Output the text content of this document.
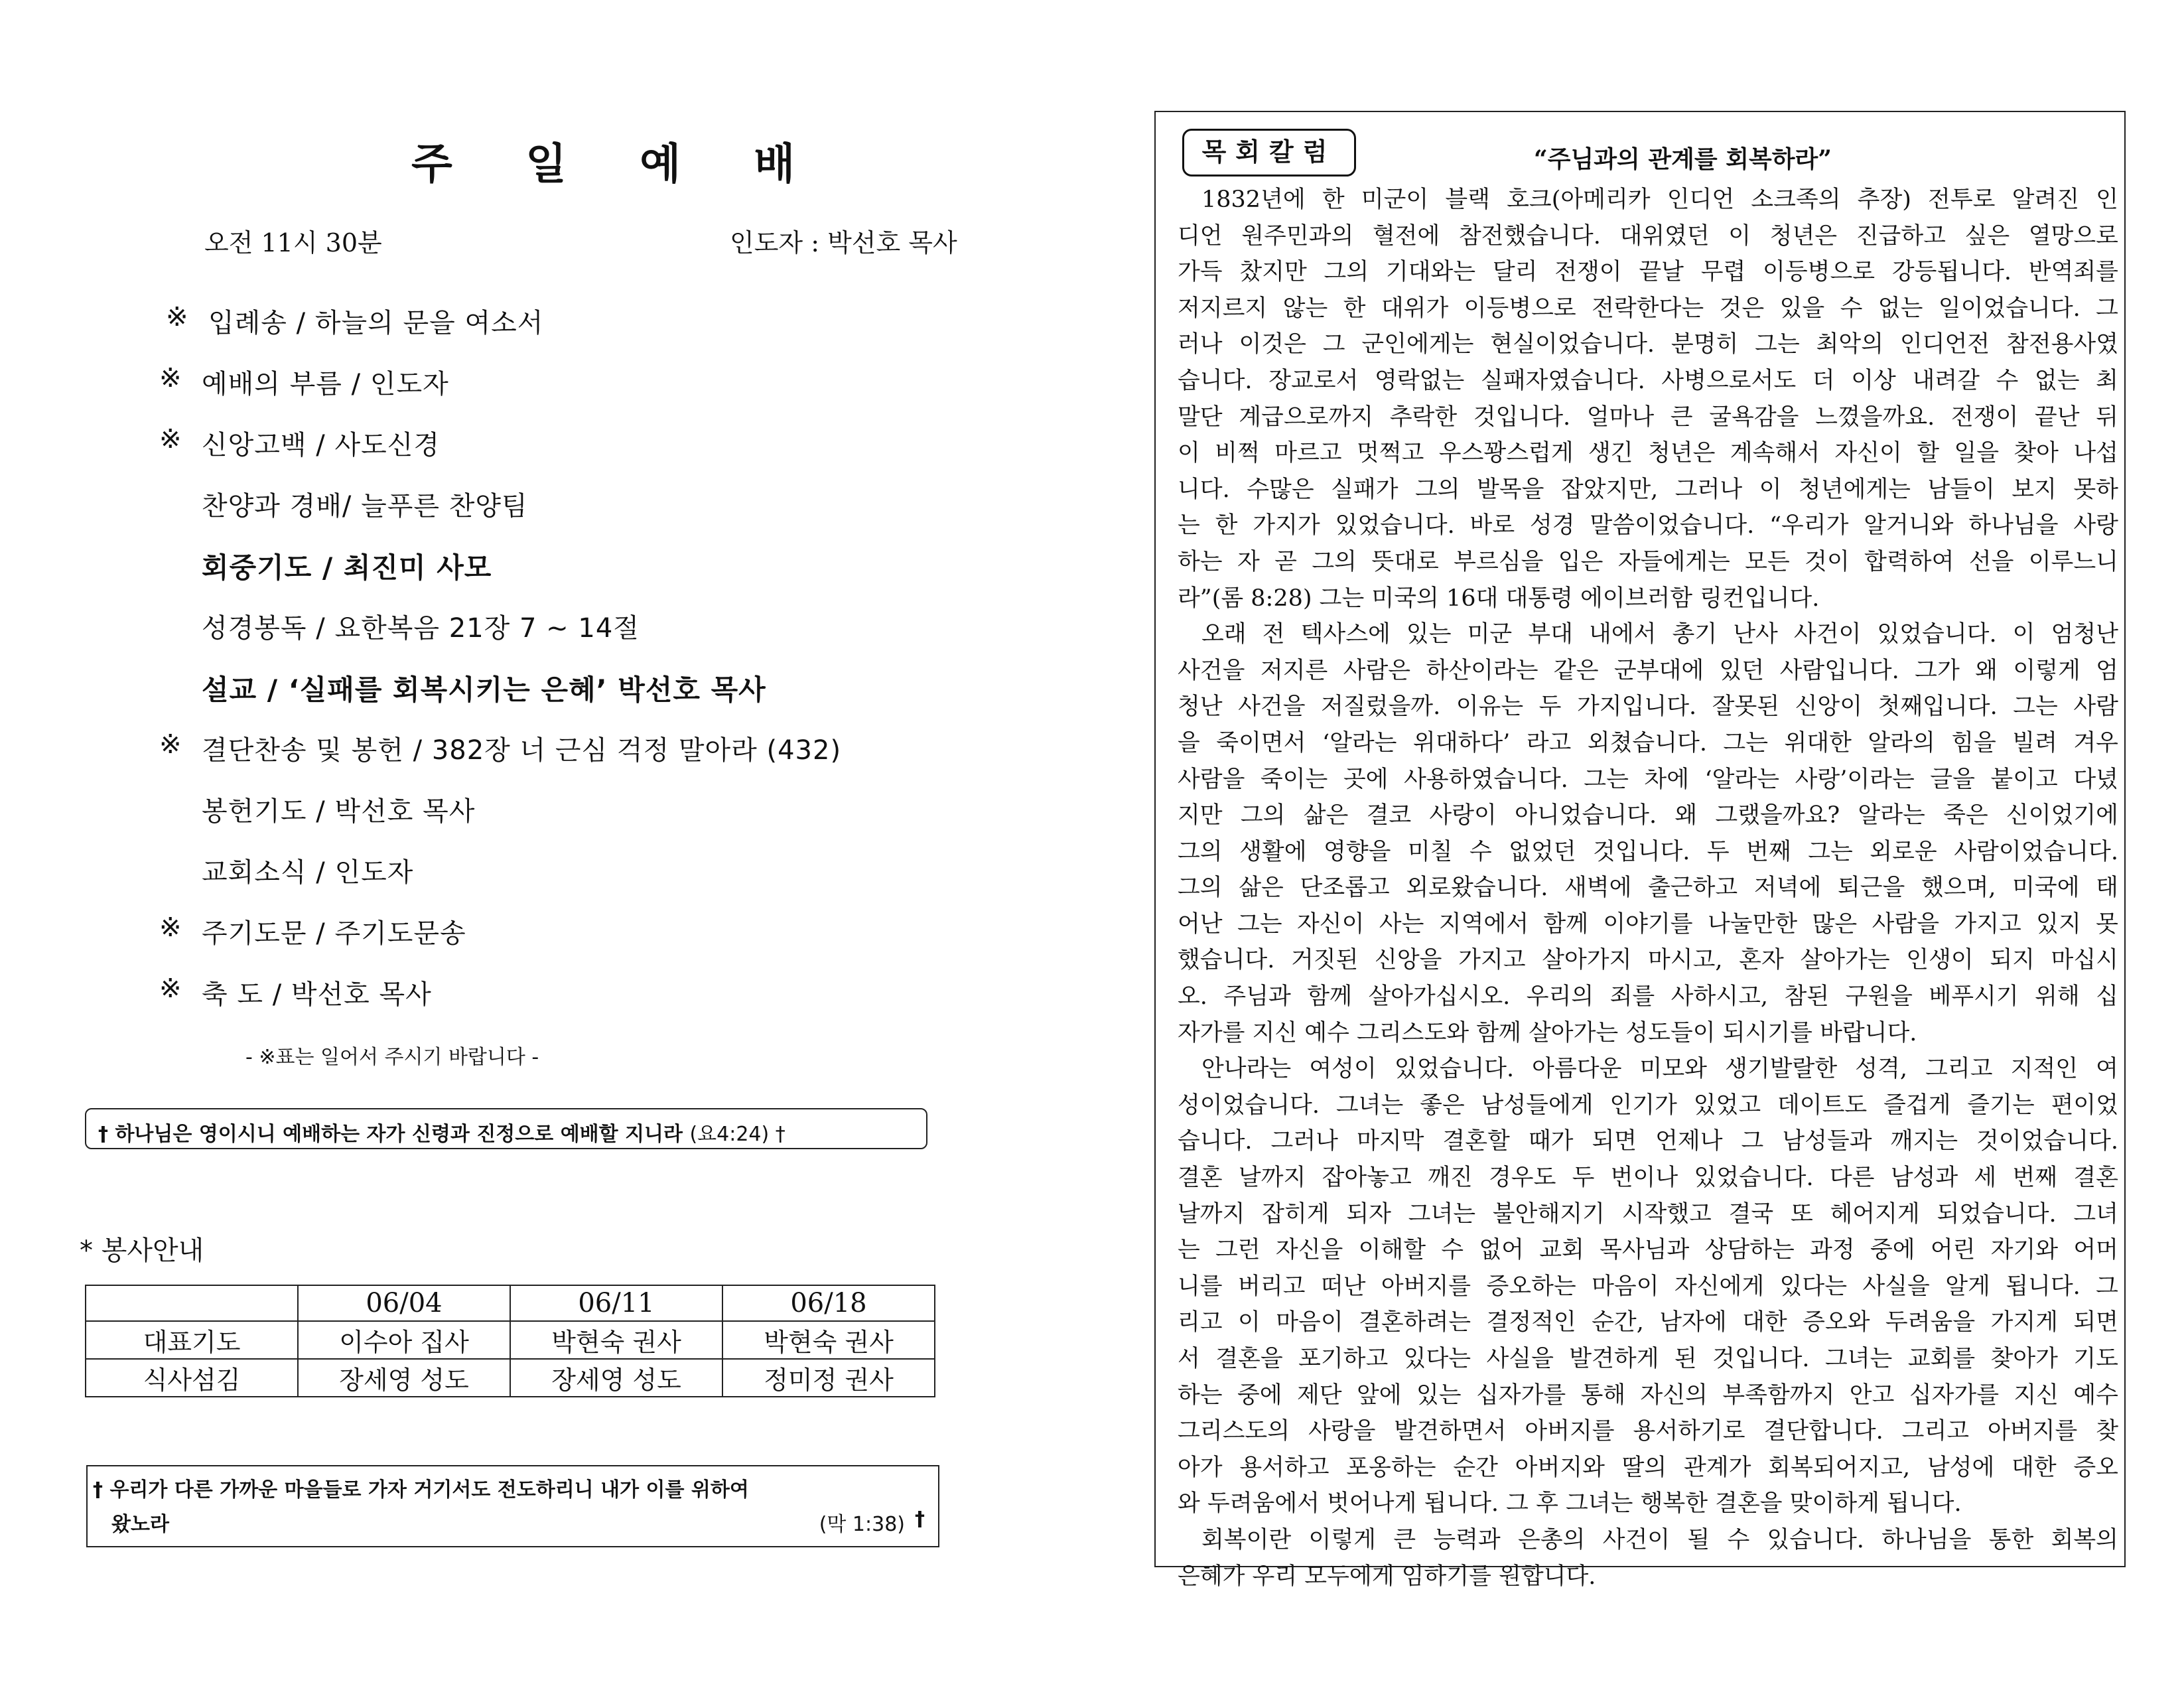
주 일 예 배
오전 11시 30분	인도자 : 박선호 목사
※ 입례송 / 하늘의 문을 여소서
※ 예배의 부름 / 인도자
※ 신앙고백 / 사도신경
찬양과 경배/ 늘푸른 찬양팀
회중기도 / 최진미 사모
성경봉독 / 요한복음 21장 7 ~ 14절
설교 / ‘실패를 회복시키는 은혜’ 박선호 목사
※ 결단찬송 및 봉헌 / 382장 너 근심 걱정 말아라 (432)
봉헌기도 / 박선호 목사
교회소식 / 인도자
※ 주기도문 / 주기도문송
※ 축 도 / 박선호 목사
- ※표는 일어서 주시기 바랍니다 -
† 하나님은 영이시니 예배하는 자가 신령과 진정으로 예배할 지니라 (요4:24) †
* 봉사안내
	06/04	06/11	06/18
대표기도	이수아 집사	박현숙 권사	박현숙 권사
식사섬김	장세영 성도	장세영 성도	정미정 권사
† 우리가 다른 가까운 마을들로 가자 거기서도 전도하리니 내가 이를 위하여
왔노라	(막 1:38) †
목회칼럼	“주님과의 관계를 회복하라”
1832년에 한 미군이 블랙 호크(아메리카 인디언 소크족의 추장) 전투로 알려진 인
디언 원주민과의 혈전에 참전했습니다. 대위였던 이 청년은 진급하고 싶은 열망으로
가득 찼지만 그의 기대와는 달리 전쟁이 끝날 무렵 이등병으로 강등됩니다. 반역죄를
저지르지 않는 한 대위가 이등병으로 전락한다는 것은 있을 수 없는 일이었습니다. 그
러나 이것은 그 군인에게는 현실이었습니다. 분명히 그는 최악의 인디언전 참전용사였
습니다. 장교로서 영락없는 실패자였습니다. 사병으로서도 더 이상 내려갈 수 없는 최
말단 계급으로까지 추락한 것입니다. 얼마나 큰 굴욕감을 느꼈을까요. 전쟁이 끝난 뒤
이 비쩍 마르고 멋쩍고 우스꽝스럽게 생긴 청년은 계속해서 자신이 할 일을 찾아 나섭
니다. 수많은 실패가 그의 발목을 잡았지만, 그러나 이 청년에게는 남들이 보지 못하
는 한 가지가 있었습니다. 바로 성경 말씀이었습니다. “우리가 알거니와 하나님을 사랑
하는 자 곧 그의 뜻대로 부르심을 입은 자들에게는 모든 것이 합력하여 선을 이루느니
라”(롬 8:28) 그는 미국의 16대 대통령 에이브러함 링컨입니다.
오래 전 텍사스에 있는 미군 부대 내에서 총기 난사 사건이 있었습니다. 이 엄청난
사건을 저지른 사람은 하산이라는 같은 군부대에 있던 사람입니다. 그가 왜 이렇게 엄
청난 사건을 저질렀을까. 이유는 두 가지입니다. 잘못된 신앙이 첫째입니다. 그는 사람
을 죽이면서 ‘알라는 위대하다’ 라고 외쳤습니다. 그는 위대한 알라의 힘을 빌려 겨우
사람을 죽이는 곳에 사용하였습니다. 그는 차에 ‘알라는 사랑’이라는 글을 붙이고 다녔
지만 그의 삶은 결코 사랑이 아니었습니다. 왜 그랬을까요? 알라는 죽은 신이었기에
그의 생활에 영향을 미칠 수 없었던 것입니다. 두 번째 그는 외로운 사람이었습니다.
그의 삶은 단조롭고 외로왔습니다. 새벽에 출근하고 저녁에 퇴근을 했으며, 미국에 태
어난 그는 자신이 사는 지역에서 함께 이야기를 나눌만한 많은 사람을 가지고 있지 못
했습니다. 거짓된 신앙을 가지고 살아가지 마시고, 혼자 살아가는 인생이 되지 마십시
오. 주님과 함께 살아가십시오. 우리의 죄를 사하시고, 참된 구원을 베푸시기 위해 십
자가를 지신 예수 그리스도와 함께 살아가는 성도들이 되시기를 바랍니다.
안나라는 여성이 있었습니다. 아름다운 미모와 생기발랄한 성격, 그리고 지적인 여
성이었습니다. 그녀는 좋은 남성들에게 인기가 있었고 데이트도 즐겁게 즐기는 편이었
습니다. 그러나 마지막 결혼할 때가 되면 언제나 그 남성들과 깨지는 것이었습니다.
결혼 날까지 잡아놓고 깨진 경우도 두 번이나 있었습니다. 다른 남성과 세 번째 결혼
날까지 잡히게 되자 그녀는 불안해지기 시작했고 결국 또 헤어지게 되었습니다. 그녀
는 그런 자신을 이해할 수 없어 교회 목사님과 상담하는 과정 중에 어린 자기와 어머
니를 버리고 떠난 아버지를 증오하는 마음이 자신에게 있다는 사실을 알게 됩니다. 그
리고 이 마음이 결혼하려는 결정적인 순간, 남자에 대한 증오와 두려움을 가지게 되면
서 결혼을 포기하고 있다는 사실을 발견하게 된 것입니다. 그녀는 교회를 찾아가 기도
하는 중에 제단 앞에 있는 십자가를 통해 자신의 부족함까지 안고 십자가를 지신 예수
그리스도의 사랑을 발견하면서 아버지를 용서하기로 결단합니다. 그리고 아버지를 찾
아가 용서하고 포옹하는 순간 아버지와 딸의 관계가 회복되어지고, 남성에 대한 증오
와 두려움에서 벗어나게 됩니다. 그 후 그녀는 행복한 결혼을 맞이하게 됩니다.
회복이란 이렇게 큰 능력과 은총의 사건이 될 수 있습니다. 하나님을 통한 회복의
은혜가 우리 모두에게 임하기를 원합니다.
